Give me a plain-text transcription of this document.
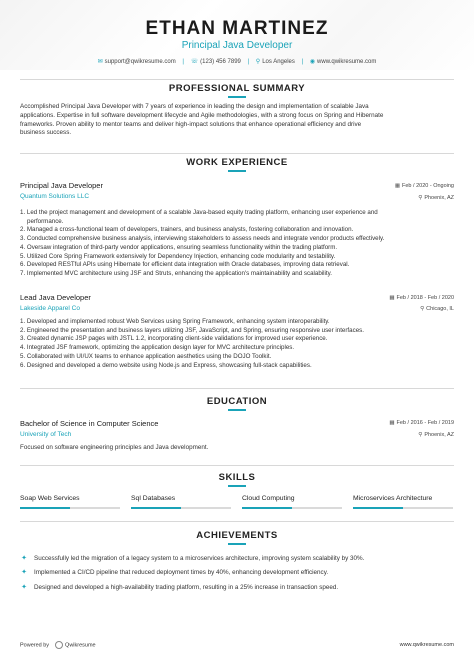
ETHAN MARTINEZ
Principal Java Developer
✉ support@qwikresume.com | ☏ (123) 456 7899 | ⚲ Los Angeles | ◉ www.qwikresume.com
PROFESSIONAL SUMMARY
Accomplished Principal Java Developer with 7 years of experience in leading the design and implementation of scalable Java
applications. Expertise in full software development lifecycle and Agile methodologies, with a strong focus on Spring and Hibernate
frameworks. Proven ability to mentor teams and deliver high-impact solutions that enhance operational efficiency and drive
business success.
WORK EXPERIENCE
Principal Java Developer
Quantum Solutions LLC
▦ Feb / 2020 - Ongoing
⚲ Phoenix, AZ
1. Led the project management and development of a scalable Java-based equity trading platform, enhancing user experience and
performance.
2. Managed a cross-functional team of developers, trainers, and business analysts, fostering collaboration and innovation.
3. Conducted comprehensive business analysis, interviewing stakeholders to assess needs and integrate vendor products effectively.
4. Oversaw integration of third-party vendor applications, ensuring seamless functionality within the trading platform.
5. Utilized Core Spring Framework extensively for Dependency Injection, enhancing code modularity and testability.
6. Developed RESTful APIs using Hibernate for efficient data integration with Oracle databases, improving data retrieval.
7. Implemented MVC architecture using JSF and Struts, enhancing the application's maintainability and scalability.
Lead Java Developer
Lakeside Apparel Co
▦ Feb / 2018 - Feb / 2020
⚲ Chicago, IL
1. Developed and implemented robust Web Services using Spring Framework, enhancing system interoperability.
2. Engineered the presentation and business layers utilizing JSF, JavaScript, and Spring, ensuring responsive user interfaces.
3. Created dynamic JSP pages with JSTL 1.2, incorporating client-side validations for improved user experience.
4. Integrated JSF framework, optimizing the application design layer for MVC architecture principles.
5. Collaborated with UI/UX teams to enhance application aesthetics using the DOJO Toolkit.
6. Designed and developed a demo website using Node.js and Express, showcasing full-stack capabilities.
EDUCATION
Bachelor of Science in Computer Science
University of Tech
▦ Feb / 2016 - Feb / 2019
⚲ Phoenix, AZ
Focused on software engineering principles and Java development.
SKILLS
Soap Web Services	Sql Databases	Cloud Computing	Microservices Architecture
ACHIEVEMENTS
✦ Successfully led the migration of a legacy system to a microservices architecture, improving system scalability by 30%.
✦ Implemented a CI/CD pipeline that reduced deployment times by 40%, enhancing development efficiency.
✦ Designed and developed a high-availability trading platform, resulting in a 25% increase in transaction speed.
Powered by	Qwikresume	www.qwikresume.com
